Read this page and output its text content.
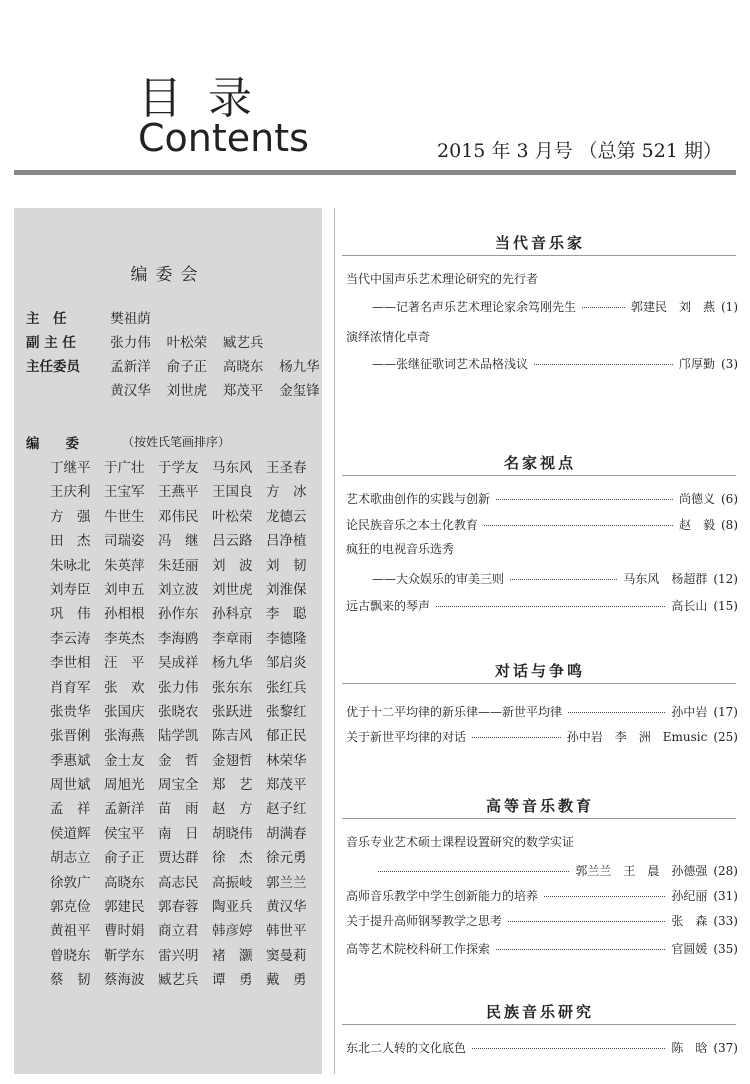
目录
Contents	2015 年 3 月号 （总第 521 期）
编委会
主　任	樊祖荫
副 主 任	张力伟 叶松荣 臧艺兵
主任委员 孟新洋 俞子正 高晓东 杨九华
黄汉华 刘世虎 郑茂平 金玺锋
编委 （按姓氏笔画排序）
丁继平 于广壮 于学友 马东风 王圣春
王庆利 王宝军 王燕平 王国良 方　冰
方　强 牛世生 邓伟民 叶松荣 龙德云
田　杰 司瑞姿 冯　继 吕云路 吕净植
朱咏北 朱英萍 朱廷丽 刘　波 刘　韧
刘寿臣 刘申五 刘立波 刘世虎 刘淮保
巩　伟 孙相根 孙作东 孙科京 李　聪
李云涛 李英杰 李海鸥 李章雨 李德隆
李世相 汪　平 吴成祥 杨九华 邹启炎
肖育军 张　欢 张力伟 张东东 张红兵
张贵华 张国庆 张晓农 张跃进 张黎红
张晋俐 张海燕 陆学凯 陈吉风 郁正民
季惠斌 金士友 金　哲 金翅哲 林荣华
周世斌 周旭光 周宝全 郑　艺 郑茂平
孟　祥 孟新洋 苗　雨 赵　方 赵子红
侯道辉 侯宝平 南　日 胡晓伟 胡满春
胡志立 俞子正 贾达群 徐　杰 徐元勇
徐敦广 高晓东 高志民 高振岐 郭兰兰
郭克俭 郭建民 郭春蓉 陶亚兵 黄汉华
黄祖平 曹时娟 商立君 韩彦婷 韩世平
曾晓东 靳学东 雷兴明 褚　灏 窦曼莉
蔡　韧 蔡海波 臧艺兵 谭　勇 戴　勇
当代音乐家
当代中国声乐艺术理论研究的先行者
——记著名声乐艺术理论家余笃刚先生	郭建民　刘　燕 (1)
演绎浓情化卓奇
——张继征歌词艺术品格浅议	邝厚勤 (3)
名家视点
艺术歌曲创作的实践与创新	尚德义 (6)
论民族音乐之本土化教育	赵　毅 (8)
疯狂的电视音乐选秀
——大众娱乐的审美三则	马东风　杨超群 (12)
远古飘来的琴声	高长山 (15)
对话与争鸣
优于十二平均律的新乐律——新世平均律	孙中岩 (17)
关于新世平均律的对话	孙中岩　李　洲　Emusic (25)
高等音乐教育
音乐专业艺术硕士课程设置研究的数学实证
郭兰兰　王　晨　孙德强 (28)
高师音乐教学中学生创新能力的培养	孙纪丽 (31)
关于提升高师钢琴教学之思考	张　森 (33)
高等艺术院校科研工作探索	官圆媛 (35)
民族音乐研究
东北二人转的文化底色	陈　晗 (37)
